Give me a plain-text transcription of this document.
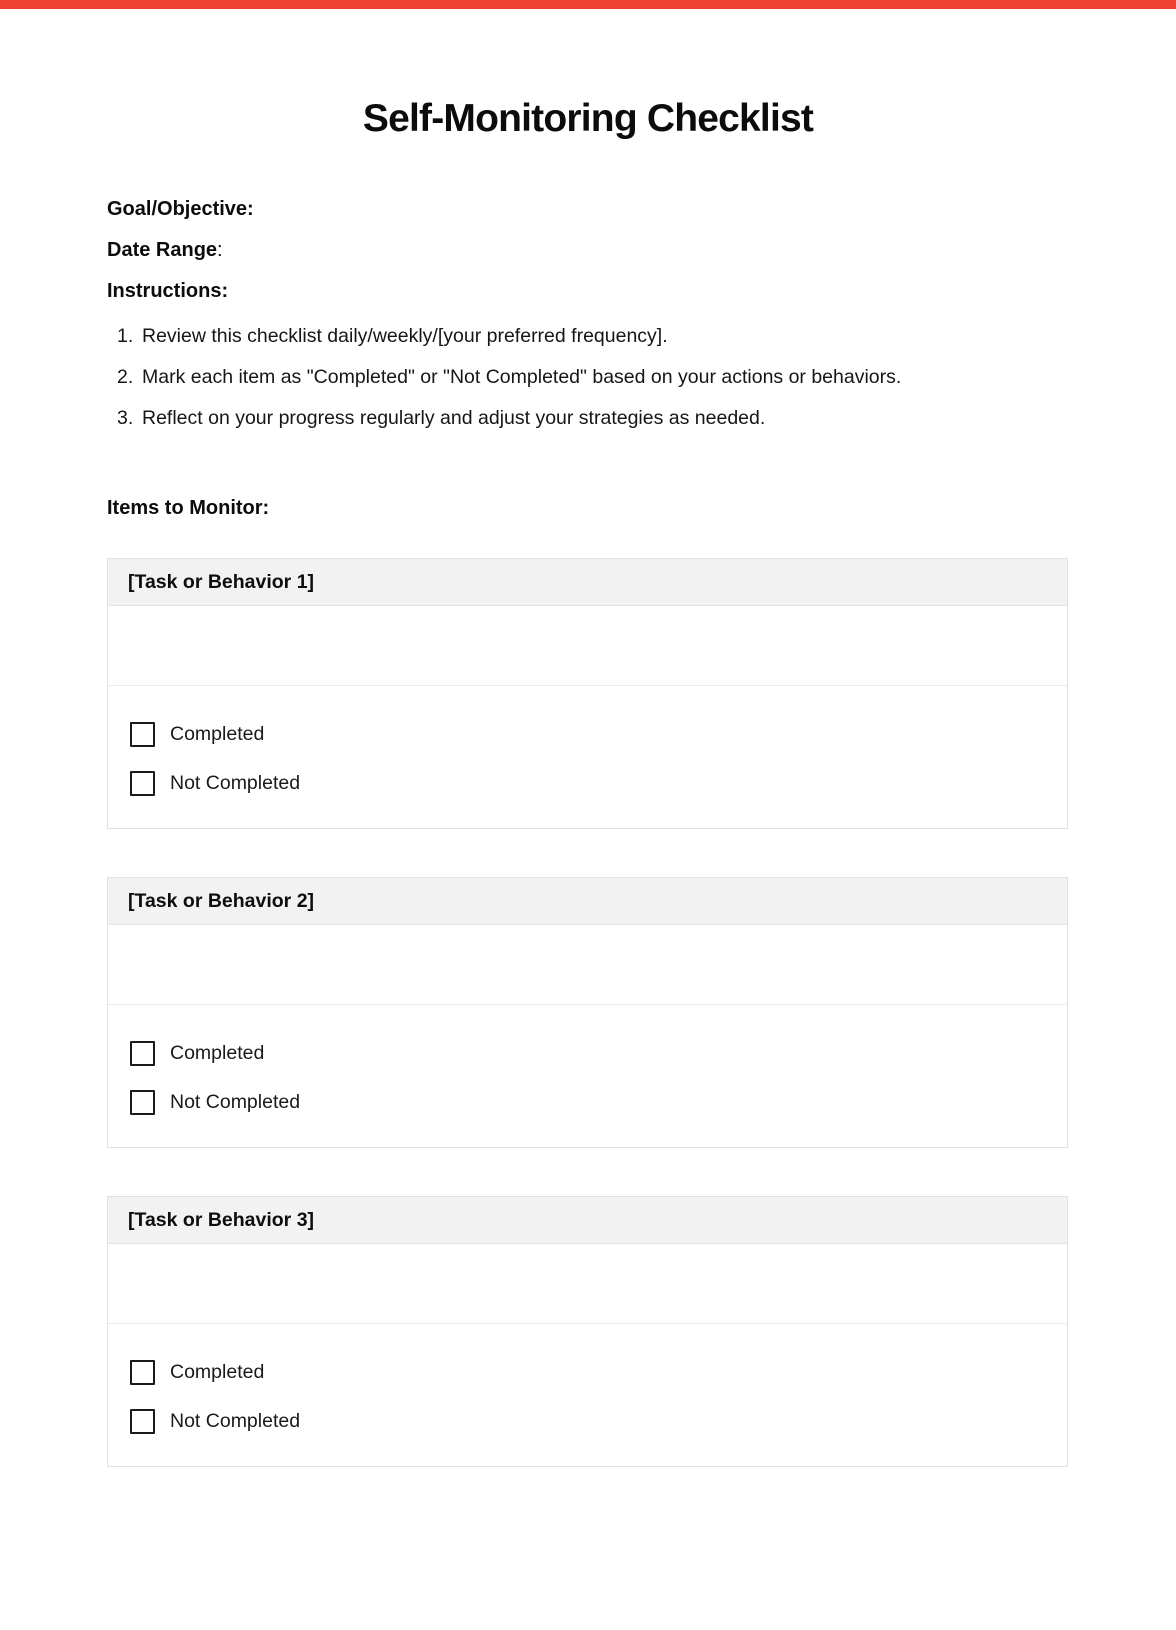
Self-Monitoring Checklist
Goal/Objective:
Date Range:
Instructions:
1. Review this checklist daily/weekly/[your preferred frequency].
2. Mark each item as "Completed" or "Not Completed" based on your actions or behaviors.
3. Reflect on your progress regularly and adjust your strategies as needed.
Items to Monitor:
[Task or Behavior 1]
Completed
Not Completed
[Task or Behavior 2]
Completed
Not Completed
[Task or Behavior 3]
Completed
Not Completed
